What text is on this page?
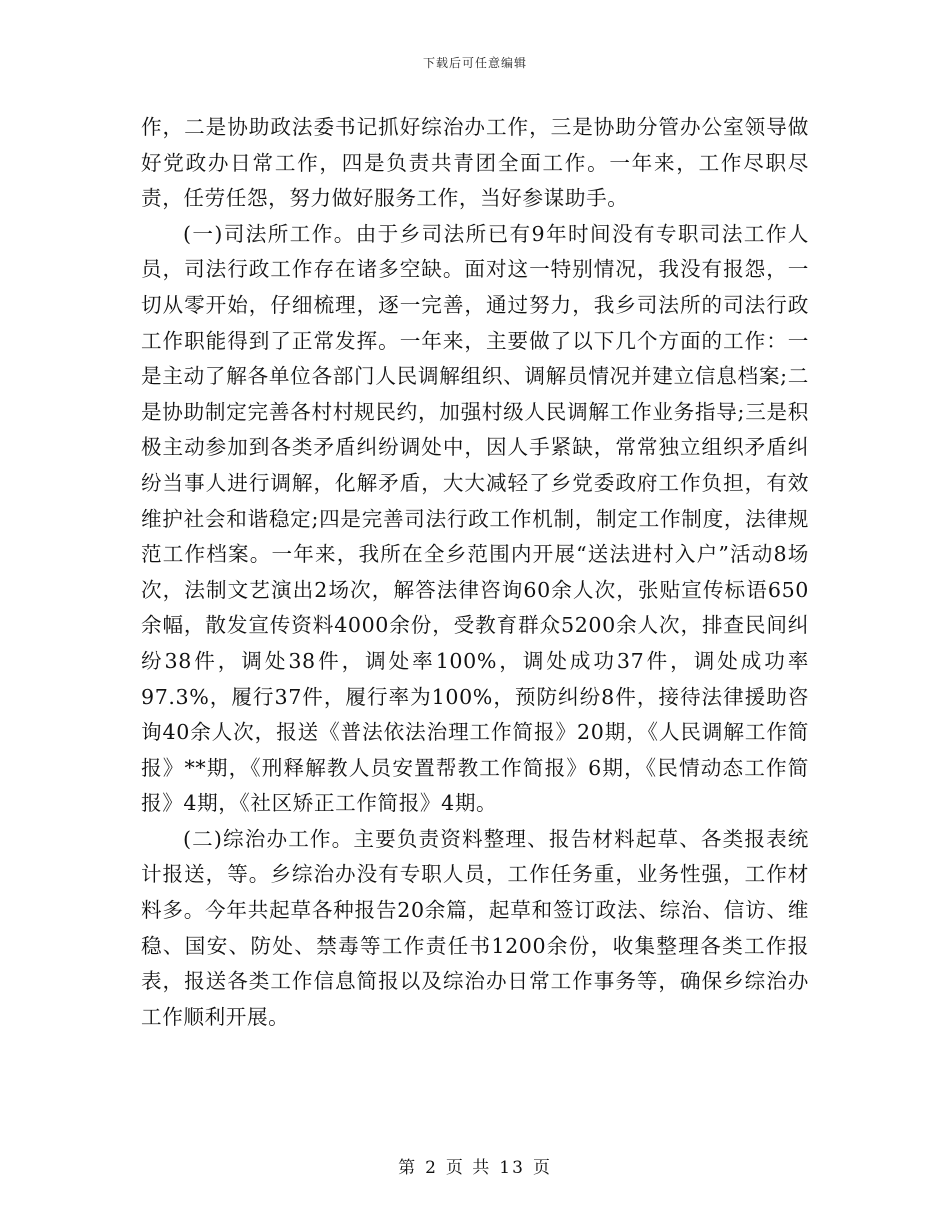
下载后可任意编辑

作，二是协助政法委书记抓好综治办工作，三是协助分管办公室领导做好党政办日常工作，四是负责共青团全面工作。一年来，工作尽职尽责，任劳任怨，努力做好服务工作，当好参谋助手。

(一)司法所工作。由于乡司法所已有9年时间没有专职司法工作人员，司法行政工作存在诸多空缺。面对这一特别情况，我没有报怨，一切从零开始，仔细梳理，逐一完善，通过努力，我乡司法所的司法行政工作职能得到了正常发挥。一年来，主要做了以下几个方面的工作：一是主动了解各单位各部门人民调解组织、调解员情况并建立信息档案;二是协助制定完善各村村规民约，加强村级人民调解工作业务指导;三是积极主动参加到各类矛盾纠纷调处中，因人手紧缺，常常独立组织矛盾纠纷当事人进行调解，化解矛盾，大大减轻了乡党委政府工作负担，有效维护社会和谐稳定;四是完善司法行政工作机制，制定工作制度，法律规范工作档案。一年来，我所在全乡范围内开展“送法进村入户”活动8场次，法制文艺演出2场次，解答法律咨询60余人次，张贴宣传标语650余幅，散发宣传资料4000余份，受教育群众5200余人次，排查民间纠纷38件，调处38件，调处率100%，调处成功37件，调处成功率97.3%，履行37件，履行率为100%，预防纠纷8件，接待法律援助咨询40余人次，报送《普法依法治理工作简报》20期，《人民调解工作简报》**期，《刑释解教人员安置帮教工作简报》6期，《民情动态工作简报》4期，《社区矫正工作简报》4期。

(二)综治办工作。主要负责资料整理、报告材料起草、各类报表统计报送，等。乡综治办没有专职人员，工作任务重，业务性强，工作材料多。今年共起草各种报告20余篇，起草和签订政法、综治、信访、维稳、国安、防处、禁毒等工作责任书1200余份，收集整理各类工作报表，报送各类工作信息简报以及综治办日常工作事务等，确保乡综治办工作顺利开展。

第 2 页 共 13 页
